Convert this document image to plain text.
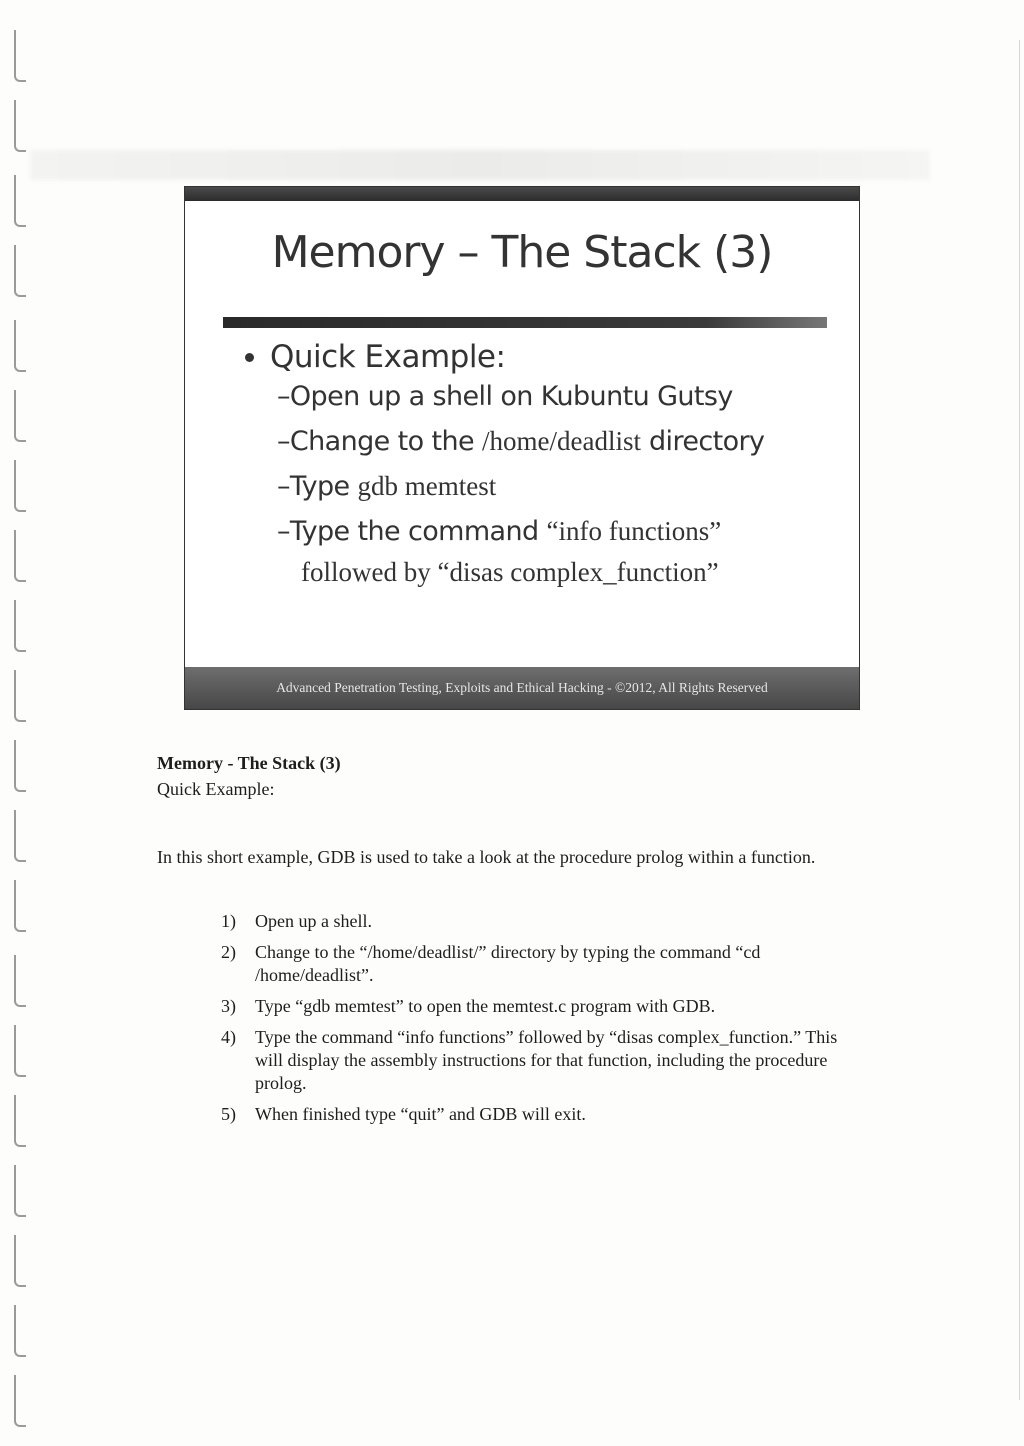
Memory – The Stack (3)
Quick Example:
–Open up a shell on Kubuntu Gutsy
–Change to the /home/deadlist directory
–Type gdb memtest
–Type the command “info functions”
followed by “disas complex_function”
Advanced Penetration Testing, Exploits and Ethical Hacking - ©2012, All Rights Reserved
Memory - The Stack (3)
Quick Example:
In this short example, GDB is used to take a look at the procedure prolog within a function.
1)	Open up a shell.
2)	Change to the “/home/deadlist/” directory by typing the command “cd /home/deadlist”.
3)	Type “gdb memtest” to open the memtest.c program with GDB.
4)	Type the command “info functions” followed by “disas complex_function.” This will display the assembly instructions for that function, including the procedure prolog.
5)	When finished type “quit” and GDB will exit.
